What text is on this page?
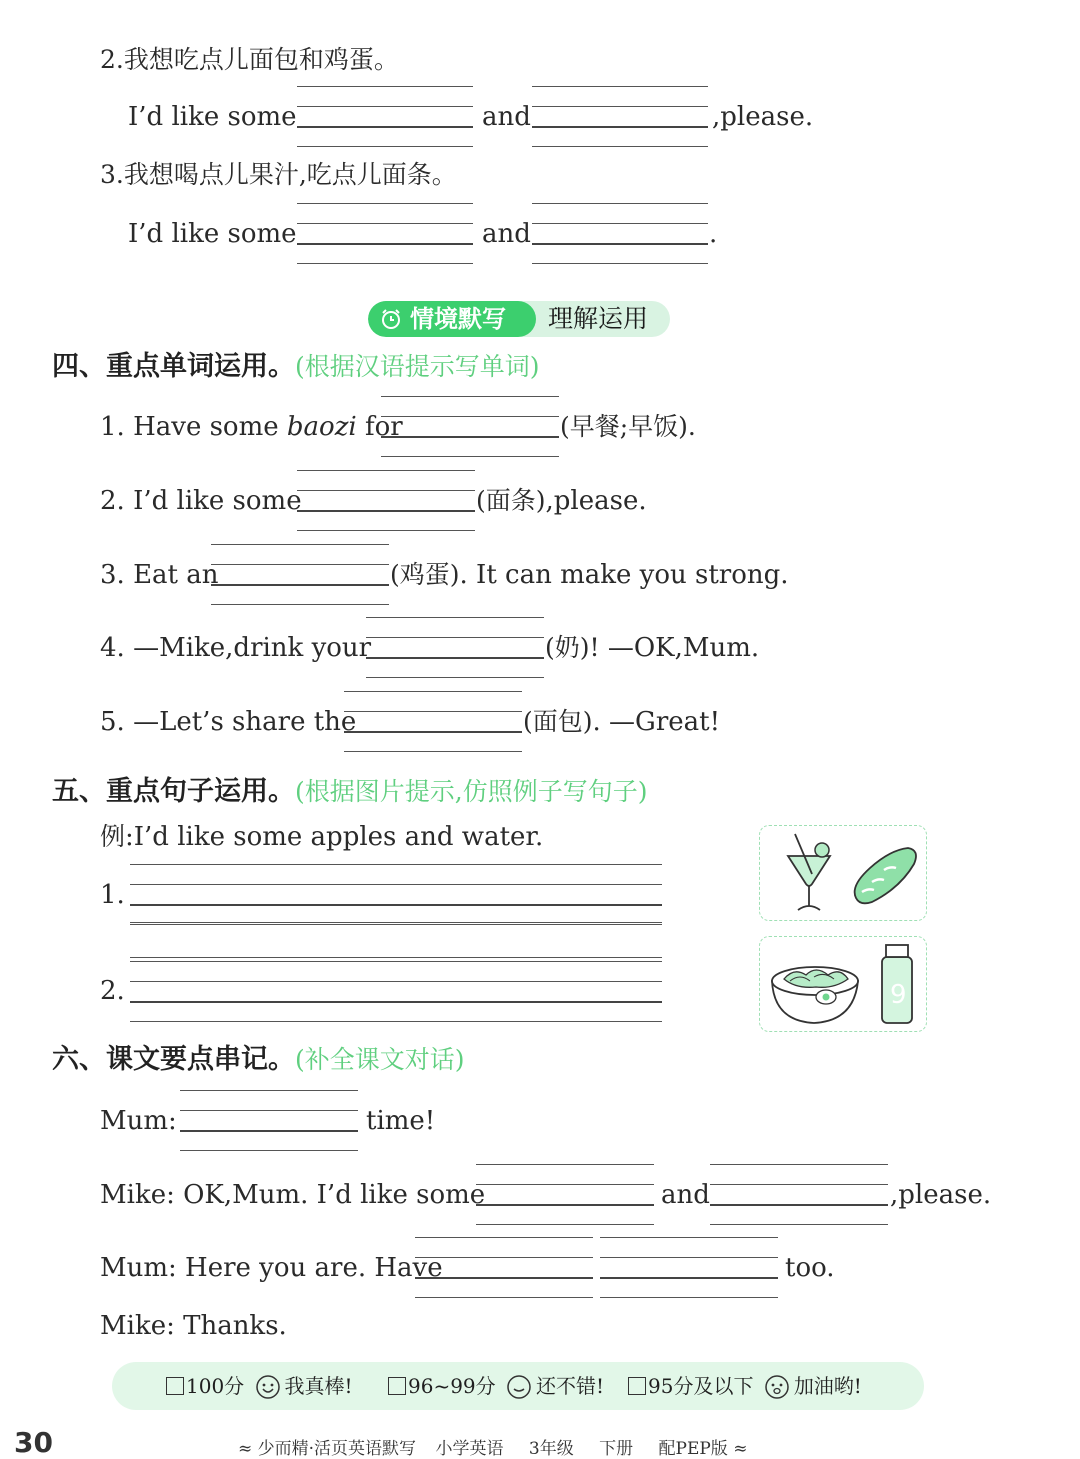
2.我想吃点儿面包和鸡蛋。
I’d like some	and	,please.
3.我想喝点儿果汁,吃点儿面条。
I’d like some	and	.
情境默写	理解运用
四、重点单词运用。(根据汉语提示写单词)
1. Have some baozi for	(早餐;早饭).
2. I’d like some	(面条),please.
3. Eat an	(鸡蛋). It can make you strong.
4. —Mike,drink your	(奶)! —OK,Mum.
5. —Let’s share the	(面包). —Great!
五、重点句子运用。(根据图片提示,仿照例子写句子)
例:I’d like some apples and water.
1.
2.	9
六、课文要点串记。(补全课文对话)
Mum:	time!
Mike: OK,Mum. I’d like some	and	,please.
Mum: Here you are. Have	too.
Mike: Thanks.
100分 我真棒!	96~99分 还不错!	95分及以下 加油哟!
30	≈ 少而精·活页英语默写 小学英语 3年级 下册 配PEP版 ≈
